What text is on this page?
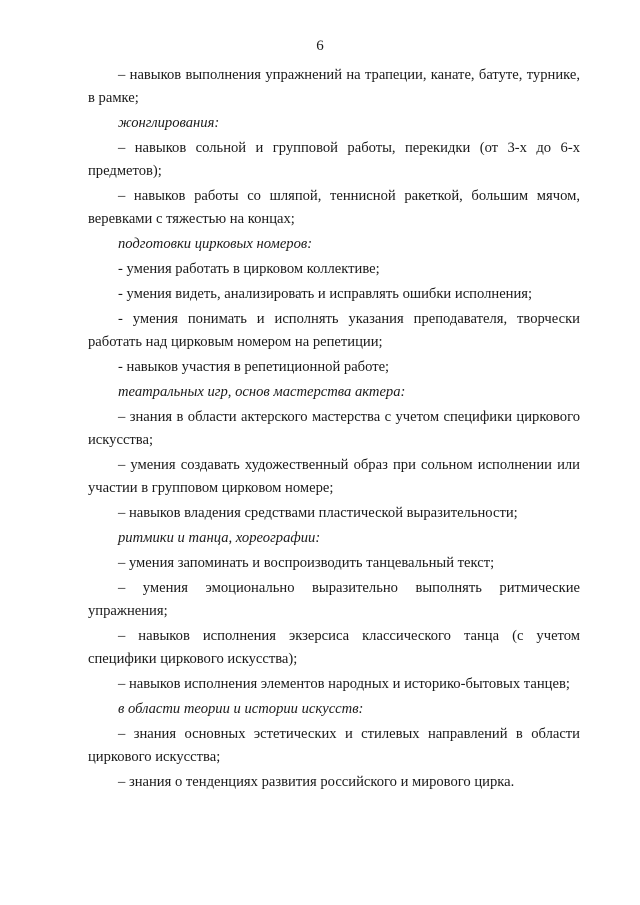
6

– навыков выполнения упражнений на трапеции, канате, батуте, турнике, в рамке;

жонглирования:

– навыков сольной и групповой работы, перекидки (от 3-х до 6-х предметов);

– навыков работы со шляпой, теннисной ракеткой, большим мячом, веревками с тяжестью на концах;

подготовки цирковых номеров:

- умения работать в цирковом коллективе;

- умения видеть, анализировать и исправлять ошибки исполнения;

- умения понимать и исполнять указания преподавателя, творчески работать над цирковым номером на репетиции;

- навыков участия в репетиционной работе;

театральных игр, основ мастерства актера:

– знания в области актерского мастерства с учетом специфики циркового искусства;

– умения создавать художественный образ при сольном исполнении или участии в групповом цирковом номере;

– навыков владения средствами пластической выразительности;

ритмики и танца, хореографии:

– умения запоминать и воспроизводить танцевальный текст;

– умения эмоционально выразительно выполнять ритмические упражнения;

– навыков исполнения экзерсиса классического танца (с учетом специфики циркового искусства);

– навыков исполнения элементов народных и историко-бытовых танцев;

в области теории и истории искусств:

– знания основных эстетических и стилевых направлений в области циркового искусства;

– знания о тенденциях развития российского и мирового цирка.
